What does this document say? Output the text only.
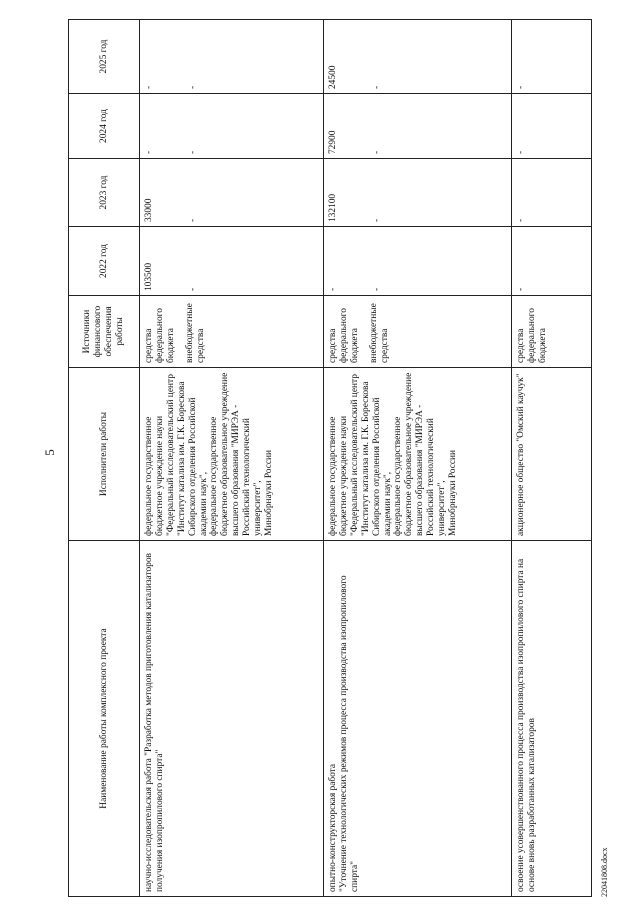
5
Наименование работы комплексного проекта	Исполнители работы	Источники финансового обеспечения работы	2022 год	2023 год	2024 год	2025 год
научно-исследовательская работа "Разработка методов приготовления катализаторов получения изопропилового спирта"	федеральное государственное бюджетное учреждение науки "Федеральный исследовательский центр "Институт катализа им. Г.К. Борескова Сибирского отделения Российской академии наук",
федеральное государственное бюджетное образовательное учреждение высшего образования "МИРЭА - Российский технологический университет",
Минобрнауки России	средства федерального бюджета внебюджетные средства	103500 -	33000 -	- -	- -

опытно-конструкторская работа
"Уточнение технологических режимов процесса производства изопропилового спирта"	федеральное государственное бюджетное учреждение науки "Федеральный исследовательский центр "Институт катализа им. Г.К. Борескова Сибирского отделения Российской академии наук",
федеральное государственное бюджетное образовательное учреждение высшего образования "МИРЭА - Российский технологический университет",
Минобрнауки России	средства федерального бюджета внебюджетные средства	- -	132100 -	72900 -	24500 -

освоение усовершенствованного процесса производства изопропилового спирта на основе вновь разработанных катализаторов	акционерное общество "Омский каучук"	средства федерального бюджета	-	-	-	-
22041808.docx
